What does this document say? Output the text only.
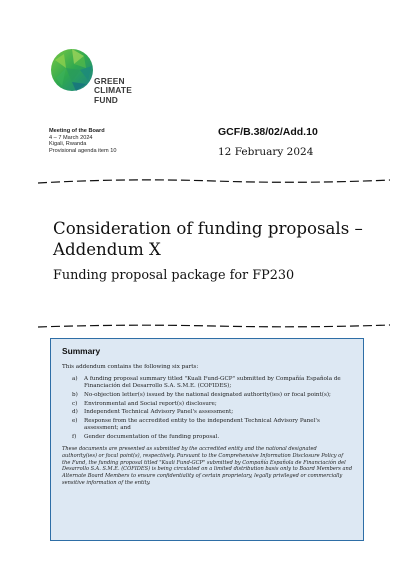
GREEN
CLIMATE
FUND
Meeting of the Board
4 – 7 March 2024
Kigali, Rwanda
Provisional agenda item 10
GCF/B.38/02/Add.10
12 February 2024
Consideration of funding proposals –
Addendum X
Funding proposal package for FP230
Summary
This addendum contains the following six parts:
a) A funding proposal summary titled "Kuali Fund-GCP" submitted by Compañía Española de Financiación del Desarrollo S.A. S.M.E. (COFIDES);
b) No-objection letter(s) issued by the national designated authority(ies) or focal point(s);
c) Environmental and Social report(s) disclosure;
d) Independent Technical Advisory Panel's assessment;
e) Response from the accredited entity to the independent Technical Advisory Panel's assessment; and
f) Gender documentation of the funding proposal.
These documents are presented as submitted by the accredited entity and the national designated authority(ies) or focal point(s), respectively. Pursuant to the Comprehensive Information Disclosure Policy of the Fund, the funding proposal titled "Kuali Fund-GCP" submitted by Compañía Española de Financiación del Desarrollo S.A. S.M.E. (COFIDES) is being circulated on a limited distribution basis only to Board Members and Alternate Board Members to ensure confidentiality of certain proprietary, legally privileged or commercially sensitive information of the entity.
